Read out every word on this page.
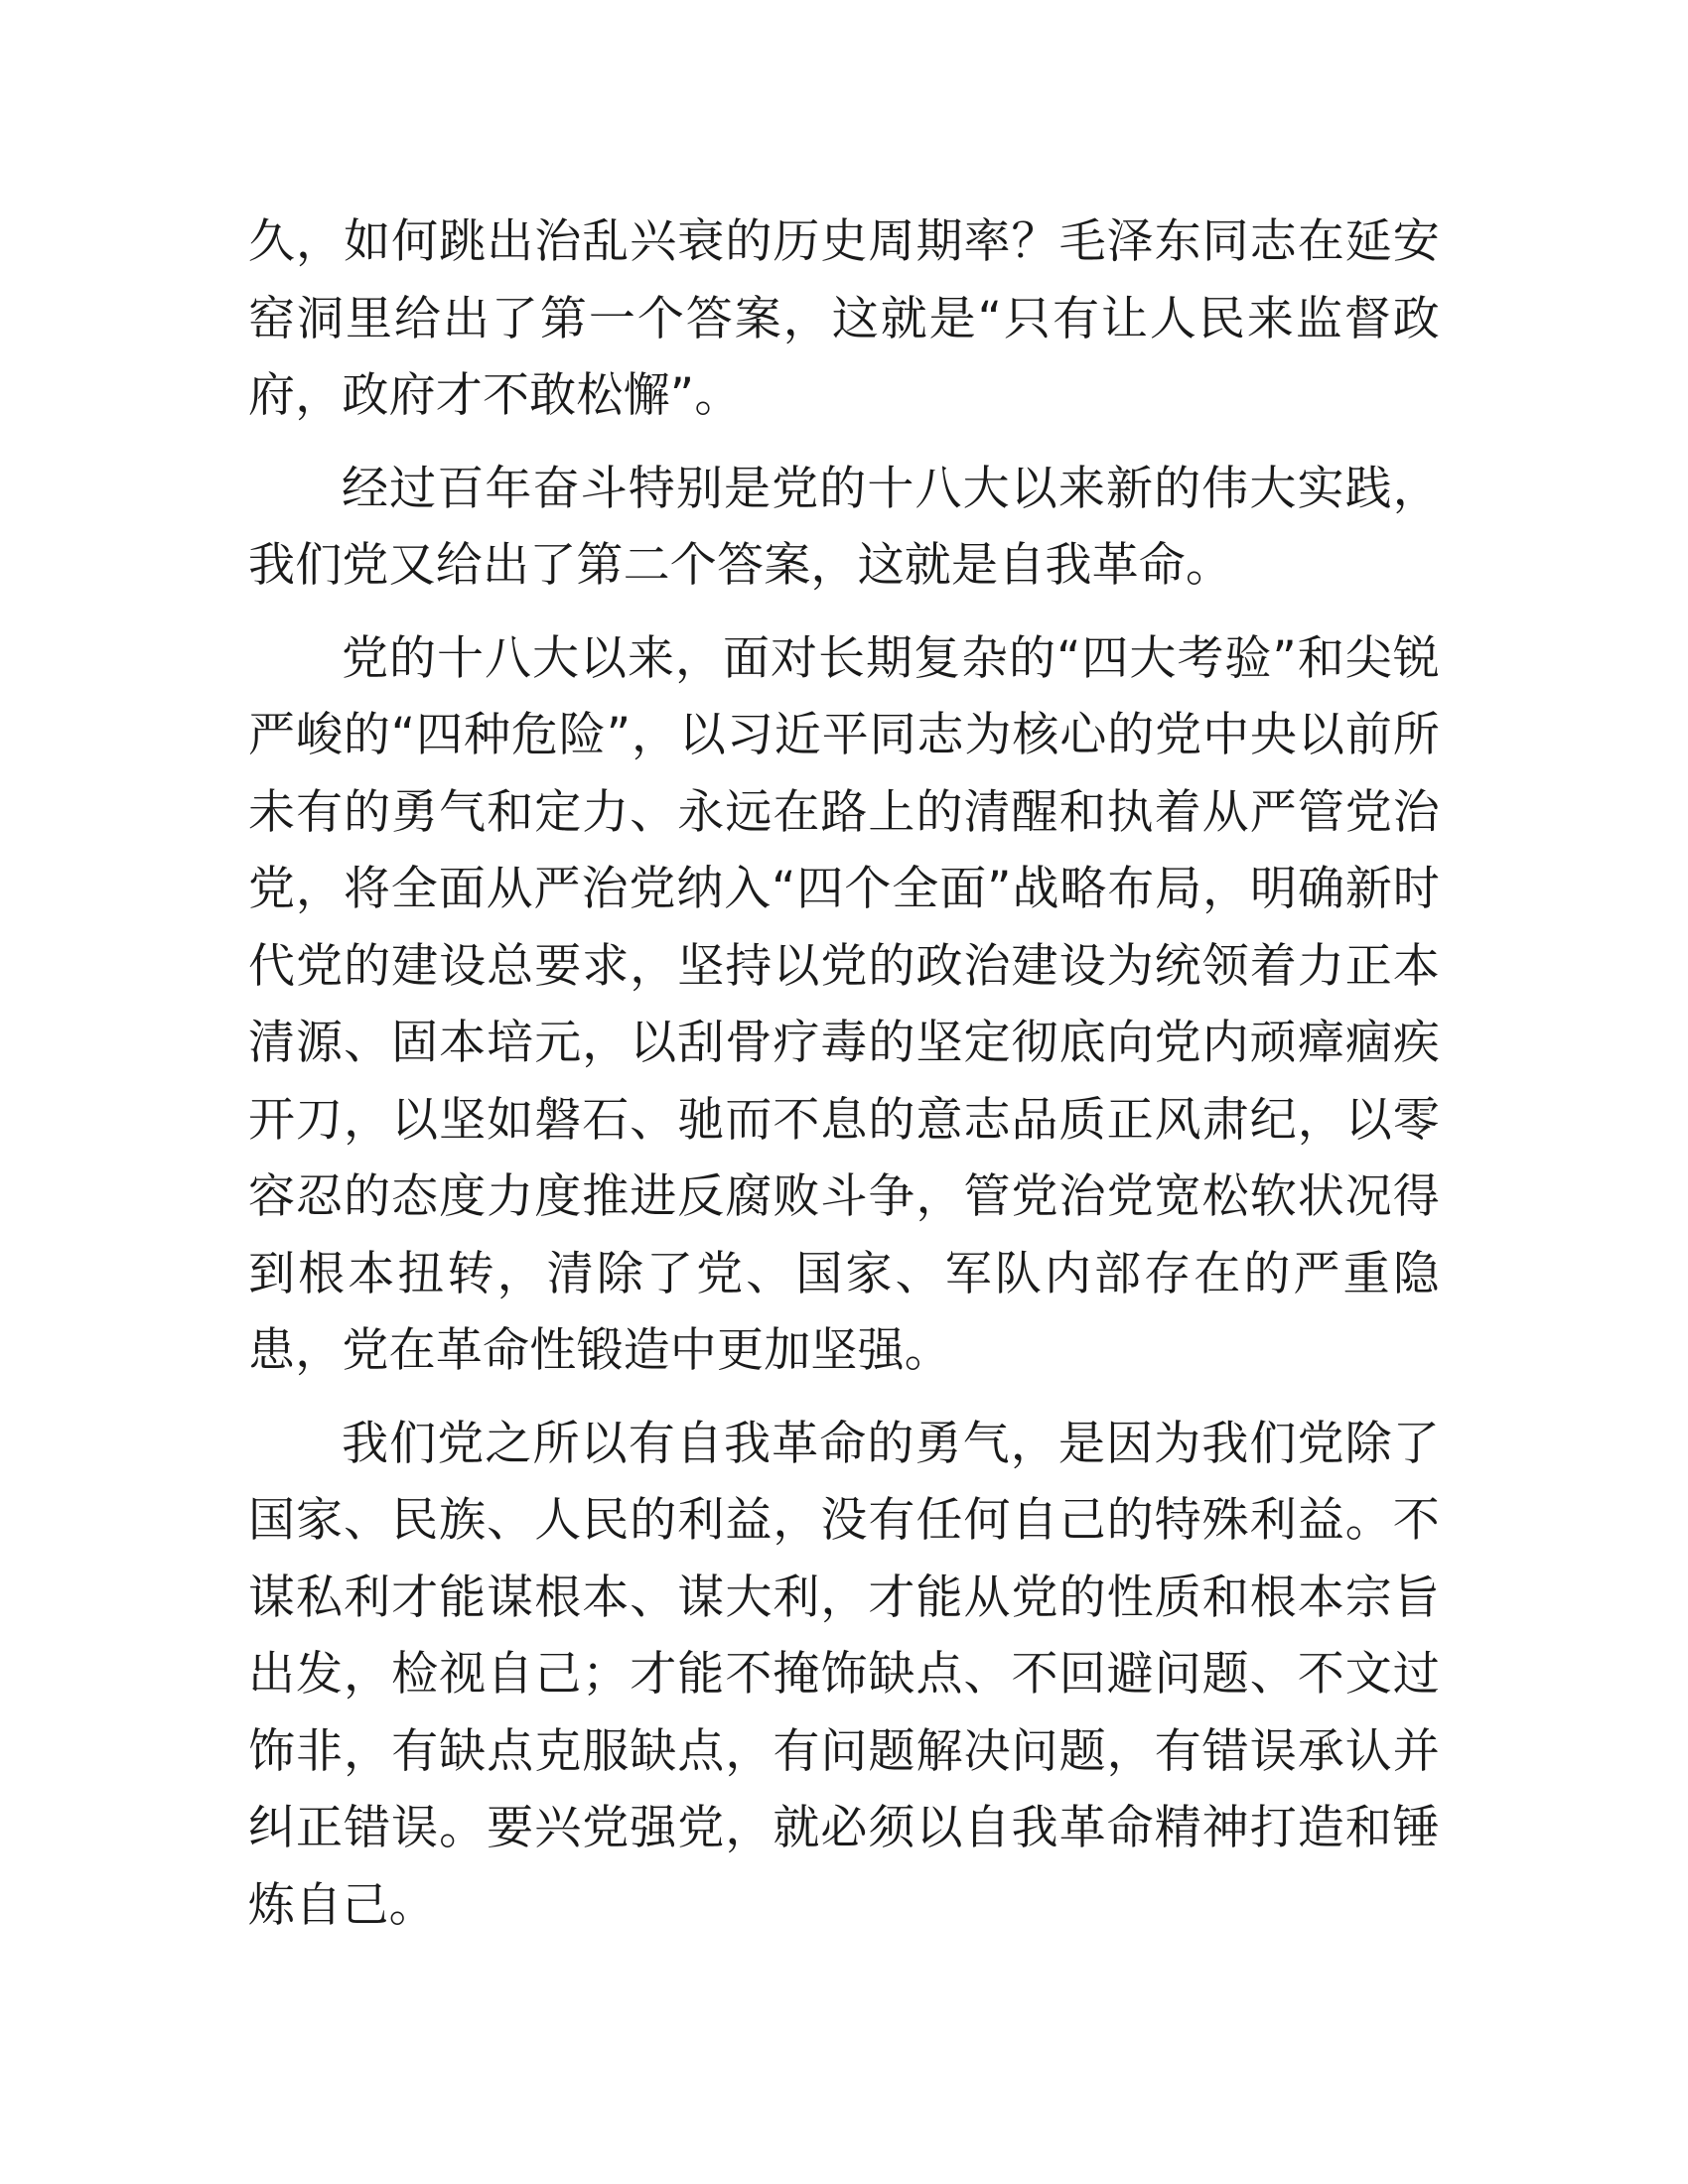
久，如何跳出治乱兴衰的历史周期率？毛泽东同志在延安窑洞里给出了第一个答案，这就是“只有让人民来监督政府，政府才不敢松懈”。

经过百年奋斗特别是党的十八大以来新的伟大实践，我们党又给出了第二个答案，这就是自我革命。

党的十八大以来，面对长期复杂的“四大考验”和尖锐严峻的“四种危险”，以习近平同志为核心的党中央以前所未有的勇气和定力、永远在路上的清醒和执着从严管党治党，将全面从严治党纳入“四个全面”战略布局，明确新时代党的建设总要求，坚持以党的政治建设为统领着力正本清源、固本培元，以刮骨疗毒的坚定彻底向党内顽瘴痼疾开刀，以坚如磐石、驰而不息的意志品质正风肃纪，以零容忍的态度力度推进反腐败斗争，管党治党宽松软状况得到根本扭转，清除了党、国家、军队内部存在的严重隐患，党在革命性锻造中更加坚强。

我们党之所以有自我革命的勇气，是因为我们党除了国家、民族、人民的利益，没有任何自己的特殊利益。不谋私利才能谋根本、谋大利，才能从党的性质和根本宗旨出发，检视自己；才能不掩饰缺点、不回避问题、不文过饰非，有缺点克服缺点，有问题解决问题，有错误承认并纠正错误。要兴党强党，就必须以自我革命精神打造和锤炼自己。
